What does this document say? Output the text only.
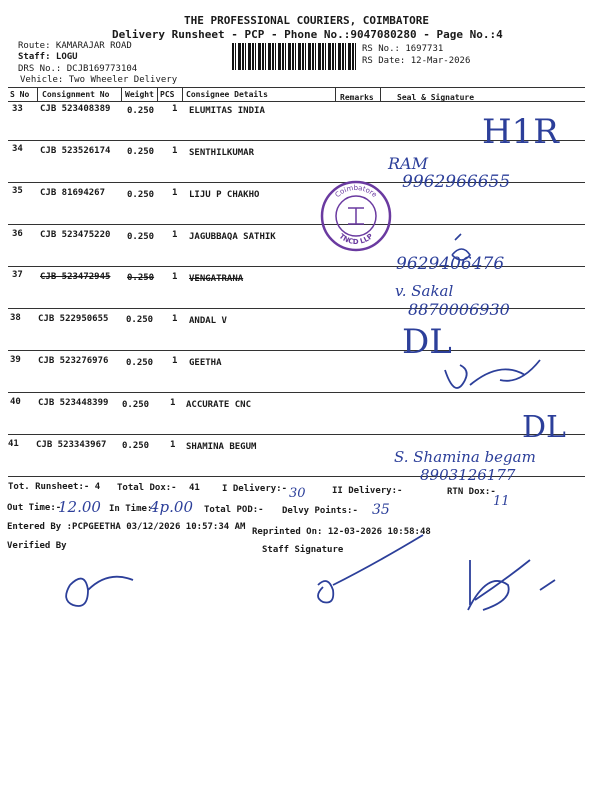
THE PROFESSIONAL COURIERS, COIMBATORE
Delivery Runsheet - PCP - Phone No.:9047080280 - Page No.:4
Route: KAMARAJAR ROAD
Staff: LOGU
DRS No.: DCJB169773104
Vehicle: Two Wheeler Delivery
RS No.: 1697731
RS Date: 12-Mar-2026
S No Consignment No Weight PCS Consignee Details	Remarks	Seal & Signature
33 CJB 523408389 0.250 1 ELUMITAS INDIA
34 CJB 523526174 0.250 1 SENTHILKUMAR
35 CJB 81694267 0.250 1 LIJU P CHAKHO
36 CJB 523475220 0.250 1 JAGUBBAQA SATHIK
37 CJB 523472945 0.250 1 VENGATRANA
38 CJB 522950655 0.250 1 ANDAL V
39 CJB 523276976 0.250 1 GEETHA
40 CJB 523448399 0.250 1 ACCURATE CNC
41 CJB 523343967 0.250 1 SHAMINA BEGUM
Tot. Runsheet:- 4 Total Dox:- 41 I Delivery:- 30	II Delivery:-	RTN Dox:-
11
Out Time:-
12.00 In Time:-
4p.00 Total POD:- Delvy Points:- 35
Entered By :PCPGEETHA 03/12/2026 10:57:34 AM Reprinted On: 12-03-2026 10:58:48
Verified By	Staff Signature
H1R
RAM
9962966655
9629406476
v. Sakal
8870006930
DL
DL
S. Shamina begam
8903126177
Coimbatore
TNCD LLP
